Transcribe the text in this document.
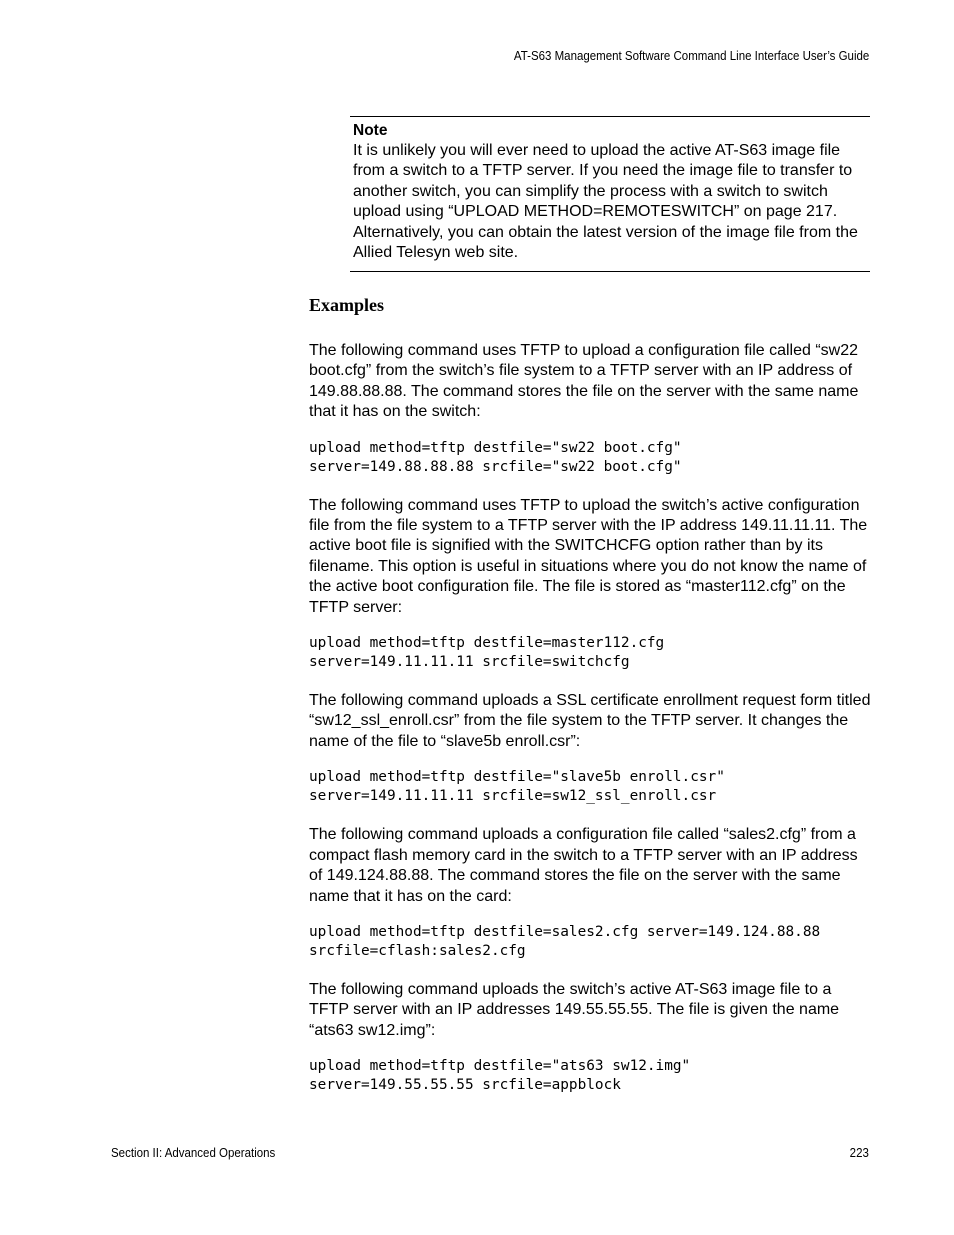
AT-S63 Management Software Command Line Interface User’s Guide
Note

It is unlikely you will ever need to upload the active AT-S63 image file from a switch to a TFTP server. If you need the image file to transfer to another switch, you can simplify the process with a switch to switch upload using “UPLOAD METHOD=REMOTESWITCH” on page 217. Alternatively, you can obtain the latest version of the image file from the Allied Telesyn web site.

Examples

The following command uses TFTP to upload a configuration file called “sw22 boot.cfg” from the switch’s file system to a TFTP server with an IP address of 149.88.88.88. The command stores the file on the server with the same name that it has on the switch:

upload method=tftp destfile="sw22 boot.cfg"
server=149.88.88.88 srcfile="sw22 boot.cfg"

The following command uses TFTP to upload the switch’s active configuration file from the file system to a TFTP server with the IP address 149.11.11.11. The active boot file is signified with the SWITCHCFG option rather than by its filename. This option is useful in situations where you do not know the name of the active boot configuration file. The file is stored as “master112.cfg” on the TFTP server:

upload method=tftp destfile=master112.cfg
server=149.11.11.11 srcfile=switchcfg

The following command uploads a SSL certificate enrollment request form titled “sw12_ssl_enroll.csr” from the file system to the TFTP server. It changes the name of the file to “slave5b enroll.csr”:

upload method=tftp destfile="slave5b enroll.csr"
server=149.11.11.11 srcfile=sw12_ssl_enroll.csr

The following command uploads a configuration file called “sales2.cfg” from a compact flash memory card in the switch to a TFTP server with an IP address of 149.124.88.88. The command stores the file on the server with the same name that it has on the card:

upload method=tftp destfile=sales2.cfg server=149.124.88.88
srcfile=cflash:sales2.cfg

The following command uploads the switch’s active AT-S63 image file to a TFTP server with an IP addresses 149.55.55.55. The file is given the name “ats63 sw12.img”:

upload method=tftp destfile="ats63 sw12.img"
server=149.55.55.55 srcfile=appblock
Section II: Advanced Operations	223
